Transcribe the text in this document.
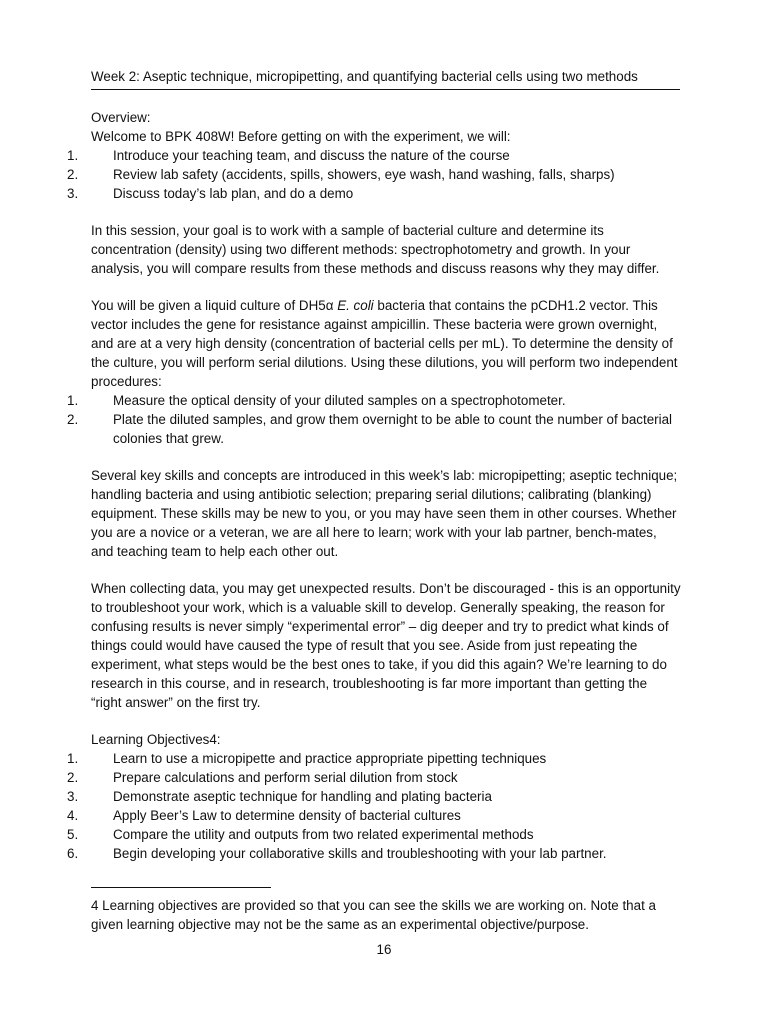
Week 2: Aseptic technique, micropipetting, and quantifying bacterial cells using two methods

Overview:

Welcome to BPK 408W! Before getting on with the experiment, we will:

1.	Introduce your teaching team, and discuss the nature of the course
2.	Review lab safety (accidents, spills, showers, eye wash, hand washing, falls, sharps)
3.	Discuss today’s lab plan, and do a demo

In this session, your goal is to work with a sample of bacterial culture and determine its concentration (density) using two different methods: spectrophotometry and growth. In your analysis, you will compare results from these methods and discuss reasons why they may differ.

You will be given a liquid culture of DH5α E. coli bacteria that contains the pCDH1.2 vector. This vector includes the gene for resistance against ampicillin. These bacteria were grown overnight, and are at a very high density (concentration of bacterial cells per mL). To determine the density of the culture, you will perform serial dilutions. Using these dilutions, you will perform two independent procedures:

1.	Measure the optical density of your diluted samples on a spectrophotometer.
2.	Plate the diluted samples, and grow them overnight to be able to count the number of bacterial colonies that grew.

Several key skills and concepts are introduced in this week’s lab: micropipetting; aseptic technique; handling bacteria and using antibiotic selection; preparing serial dilutions; calibrating (blanking) equipment. These skills may be new to you, or you may have seen them in other courses. Whether you are a novice or a veteran, we are all here to learn; work with your lab partner, bench-mates, and teaching team to help each other out.

When collecting data, you may get unexpected results. Don’t be discouraged - this is an opportunity to troubleshoot your work, which is a valuable skill to develop. Generally speaking, the reason for confusing results is never simply “experimental error” – dig deeper and try to predict what kinds of things could would have caused the type of result that you see. Aside from just repeating the experiment, what steps would be the best ones to take, if you did this again? We’re learning to do research in this course, and in research, troubleshooting is far more important than getting the “right answer” on the first try.

Learning Objectives4:

1.	Learn to use a micropipette and practice appropriate pipetting techniques
2.	Prepare calculations and perform serial dilution from stock
3.	Demonstrate aseptic technique for handling and plating bacteria
4.	Apply Beer’s Law to determine density of bacterial cultures
5.	Compare the utility and outputs from two related experimental methods
6.	Begin developing your collaborative skills and troubleshooting with your lab partner.

4 Learning objectives are provided so that you can see the skills we are working on. Note that a given learning objective may not be the same as an experimental objective/purpose.

16
